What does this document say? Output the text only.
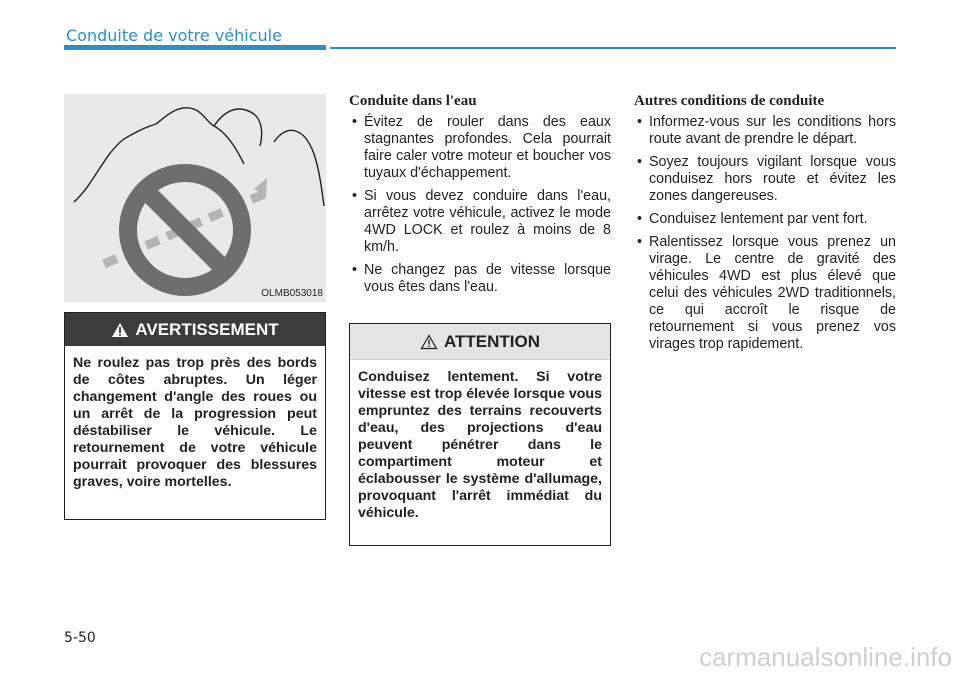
Conduite de votre véhicule
OLMB053018
AVERTISSEMENT
Ne roulez pas trop près des bords de côtes abruptes. Un léger changement d'angle des roues ou un arrêt de la progression peut déstabiliser le véhicule. Le retournement de votre véhicule pourrait provoquer des blessures graves, voire mortelles.
Conduite dans l'eau
• Évitez de rouler dans des eaux stagnantes profondes. Cela pourrait faire caler votre moteur et boucher vos tuyaux d'échappement.
• Si vous devez conduire dans l'eau, arrêtez votre véhicule, activez le mode 4WD LOCK et roulez à moins de 8 km/h.
• Ne changez pas de vitesse lorsque vous êtes dans l'eau.
ATTENTION
Conduisez lentement. Si votre vitesse est trop élevée lorsque vous empruntez des terrains recouverts d'eau, des projections d'eau peuvent pénétrer dans le compartiment moteur et éclabousser le système d'allumage, provoquant l'arrêt immédiat du véhicule.
Autres conditions de conduite
• Informez-vous sur les conditions hors route avant de prendre le départ.
• Soyez toujours vigilant lorsque vous conduisez hors route et évitez les zones dangereuses.
• Conduisez lentement par vent fort.
• Ralentissez lorsque vous prenez un virage. Le centre de gravité des véhicules 4WD est plus élevé que celui des véhicules 2WD traditionnels, ce qui accroît le risque de retournement si vous prenez vos virages trop rapidement.
5-50
carmanualsonline.info
